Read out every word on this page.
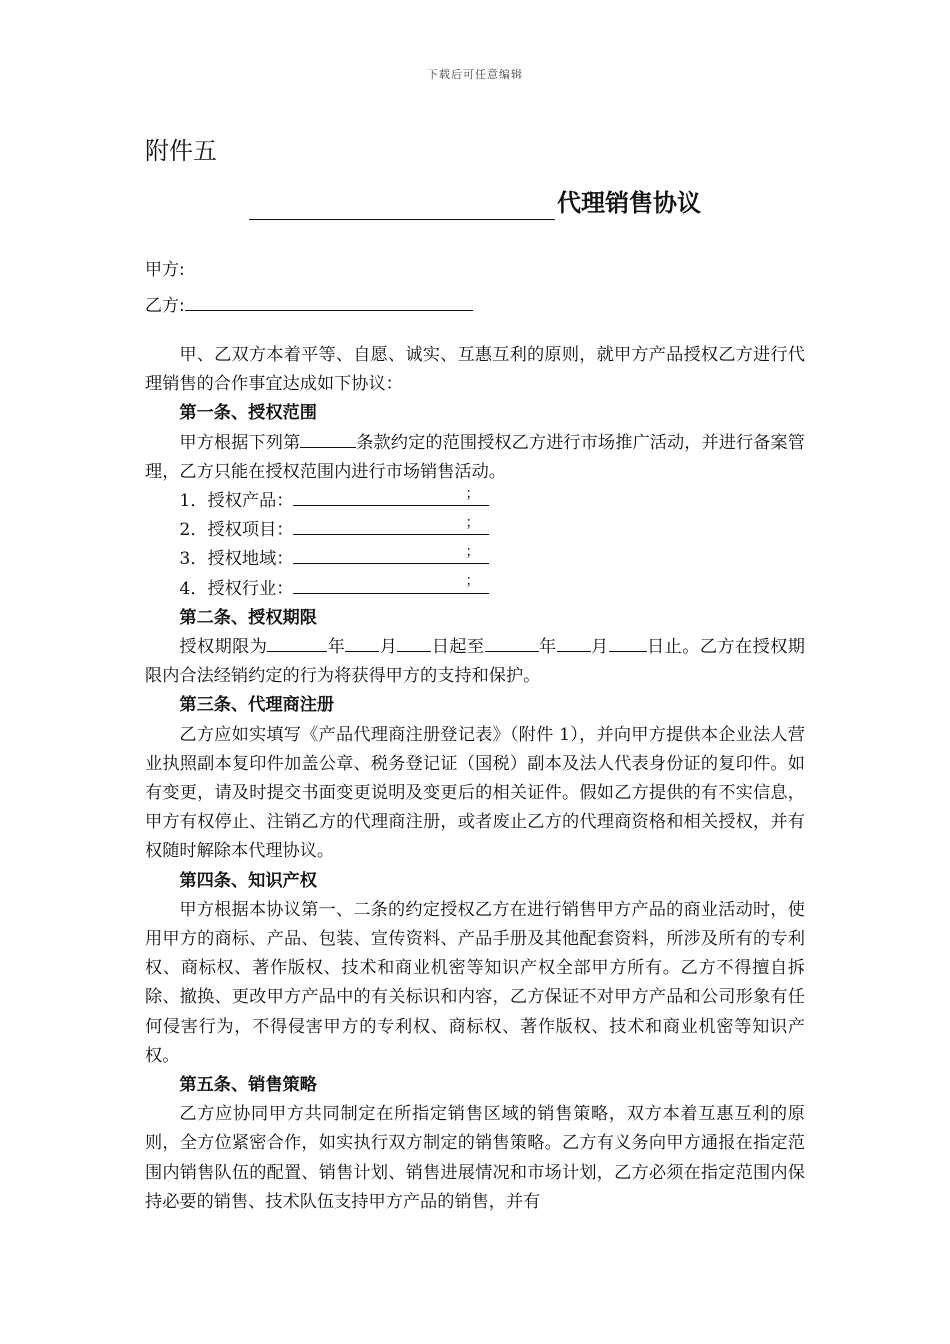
下载后可任意编辑
附件五
代理销售协议
甲方:
乙方:

甲、乙双方本着平等、自愿、诚实、互惠互利的原则，就甲方产品授权乙方进行代理销售的合作事宜达成如下协议：

第一条、授权范围

甲方根据下列第	条款约定的范围授权乙方进行市场推广活动，并进行备案管理，乙方只能在授权范围内进行市场销售活动。

1．授权产品：	；

2．授权项目：	；

3．授权地域：	；

4．授权行业：	；

第二条、授权期限

授权期限为	年 月 日起至	年 月 日止。乙方在授权期限内合法经销约定的行为将获得甲方的支持和保护。

第三条、代理商注册

乙方应如实填写《产品代理商注册登记表》（附件 1），并向甲方提供本企业法人营业执照副本复印件加盖公章、税务登记证（国税）副本及法人代表身份证的复印件。如有变更，请及时提交书面变更说明及变更后的相关证件。假如乙方提供的有不实信息，甲方有权停止、注销乙方的代理商注册，或者废止乙方的代理商资格和相关授权，并有权随时解除本代理协议。

第四条、知识产权

甲方根据本协议第一、二条的约定授权乙方在进行销售甲方产品的商业活动时，使用甲方的商标、产品、包装、宣传资料、产品手册及其他配套资料，所涉及所有的专利权、商标权、著作版权、技术和商业机密等知识产权全部甲方所有。乙方不得擅自拆除、撤换、更改甲方产品中的有关标识和内容，乙方保证不对甲方产品和公司形象有任何侵害行为，不得侵害甲方的专利权、商标权、著作版权、技术和商业机密等知识产权。

第五条、销售策略

乙方应协同甲方共同制定在所指定销售区域的销售策略，双方本着互惠互利的原则，全方位紧密合作，如实执行双方制定的销售策略。乙方有义务向甲方通报在指定范围内销售队伍的配置、销售计划、销售进展情况和市场计划，乙方必须在指定范围内保持必要的销售、技术队伍支持甲方产品的销售，并有
